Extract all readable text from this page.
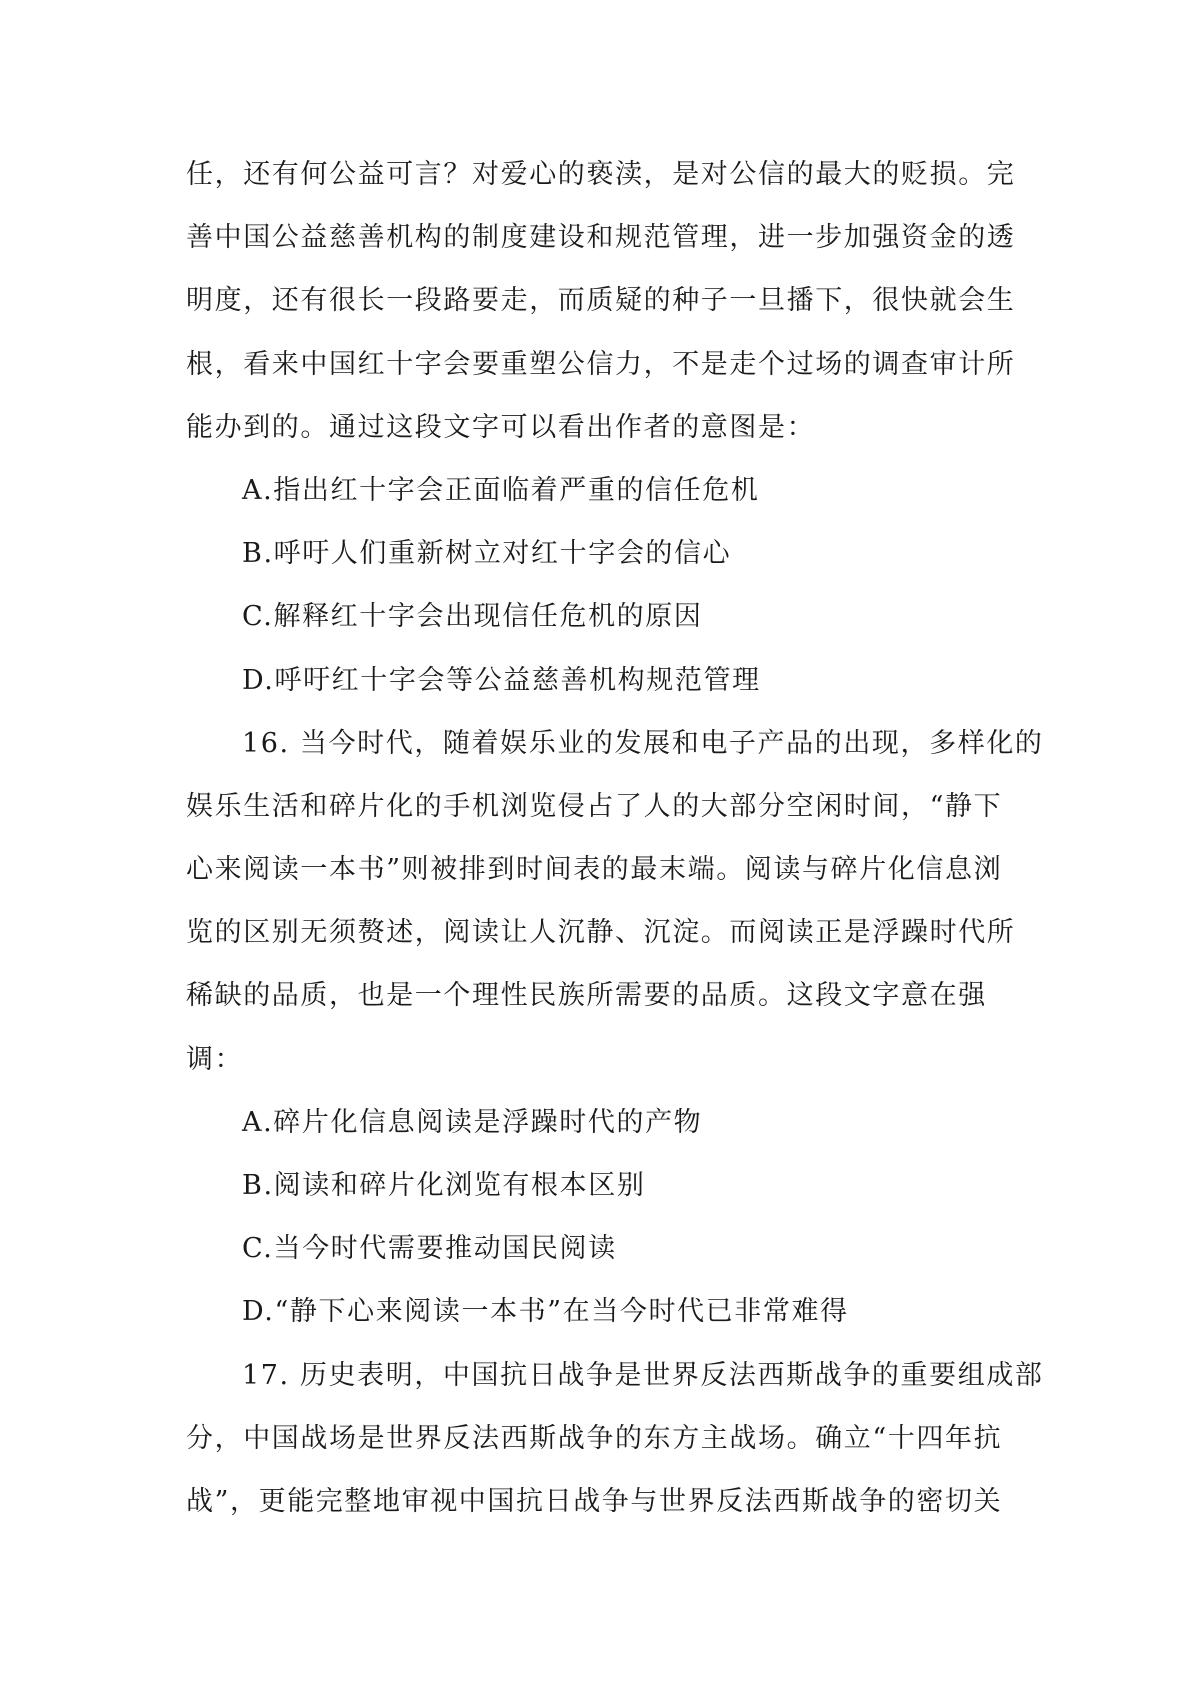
任，还有何公益可言？对爱心的亵渎，是对公信的最大的贬损。完
善中国公益慈善机构的制度建设和规范管理，进一步加强资金的透
明度，还有很长一段路要走，而质疑的种子一旦播下，很快就会生
根，看来中国红十字会要重塑公信力，不是走个过场的调查审计所
能办到的。通过这段文字可以看出作者的意图是：
A.指出红十字会正面临着严重的信任危机
B.呼吁人们重新树立对红十字会的信心
C.解释红十字会出现信任危机的原因
D.呼吁红十字会等公益慈善机构规范管理
16. 当今时代，随着娱乐业的发展和电子产品的出现，多样化的
娱乐生活和碎片化的手机浏览侵占了人的大部分空闲时间，“静下
心来阅读一本书”则被排到时间表的最末端。阅读与碎片化信息浏
览的区别无须赘述，阅读让人沉静、沉淀。而阅读正是浮躁时代所
稀缺的品质，也是一个理性民族所需要的品质。这段文字意在强
调：
A.碎片化信息阅读是浮躁时代的产物
B.阅读和碎片化浏览有根本区别
C.当今时代需要推动国民阅读
D.“静下心来阅读一本书”在当今时代已非常难得
17. 历史表明，中国抗日战争是世界反法西斯战争的重要组成部
分，中国战场是世界反法西斯战争的东方主战场。确立“十四年抗
战”，更能完整地审视中国抗日战争与世界反法西斯战争的密切关
